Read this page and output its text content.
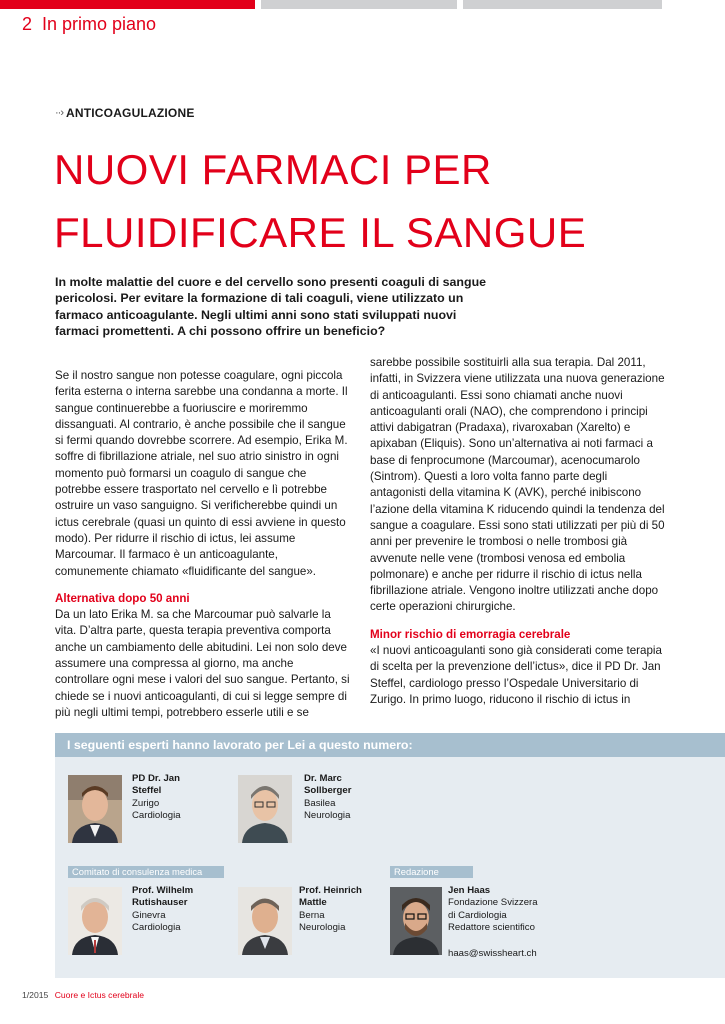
2 In primo piano
··› ANTICOAGULAZIONE
NUOVI FARMACI PER
FLUIDIFICARE IL SANGUE

In molte malattie del cuore e del cervello sono presenti coaguli di sangue pericolosi. Per evitare la formazione di tali coaguli, viene utilizzato un farmaco anticoagulante. Negli ultimi anni sono stati sviluppati nuovi farmaci promettenti. A chi possono offrire un beneficio?

Se il nostro sangue non potesse coagulare, ogni piccola ferita esterna o interna sarebbe una condanna a morte. Il sangue continuerebbe a fuoriuscire e moriremmo dissanguati. Al contrario, è anche possibile che il sangue si fermi quando dovrebbe scorrere. Ad esempio, Erika M. soffre di fibrillazione atriale, nel suo atrio sinistro in ogni momento può formarsi un coagulo di sangue che potrebbe essere trasportato nel cervello e lì potrebbe ostruire un vaso sanguigno. Si verificherebbe quindi un ictus cerebrale (quasi un quinto di essi avviene in questo modo). Per ridurre il rischio di ictus, lei assume Marcoumar. Il farmaco è un anticoagulante, comunemente chiamato «fluidificante del sangue».

Alternativa dopo 50 anni

Da un lato Erika M. sa che Marcoumar può salvarle la vita. D’altra parte, questa terapia preventiva comporta anche un cambiamento delle abitudini. Lei non solo deve assumere una compressa al giorno, ma anche controllare ogni mese i valori del suo sangue. Pertanto, si chiede se i nuovi anticoagulanti, di cui si legge sempre di più negli ultimi tempi, potrebbero esserle utili e se

sarebbe possibile sostituirli alla sua terapia. Dal 2011, infatti, in Svizzera viene utilizzata una nuova generazione di anticoagulanti. Essi sono chiamati anche nuovi anticoagulanti orali (NAO), che comprendono i principi attivi dabigatran (Pradaxa), rivaroxaban (Xarelto) e apixaban (Eliquis). Sono un’alternativa ai noti farmaci a base di fenprocumone (Marcoumar), acenocumarolo (Sintrom). Questi a loro volta fanno parte degli antagonisti della vitamina K (AVK), perché inibiscono l’azione della vitamina K riducendo quindi la tendenza del sangue a coagulare. Essi sono stati utilizzati per più di 50 anni per prevenire le trombosi o nelle trombosi già avvenute nelle vene (trombosi venosa ed embolia polmonare) e anche per ridurre il rischio di ictus nella fibrillazione atriale. Vengono inoltre utilizzati anche dopo certe operazioni chirurgiche.

Minor rischio di emorragia cerebrale

«I nuovi anticoagulanti sono già considerati come terapia di scelta per la prevenzione dell’ictus», dice il PD Dr. Jan Steffel, cardiologo presso l’Ospedale Universitario di Zurigo. In primo luogo, riducono il rischio di ictus in

I seguenti esperti hanno lavorato per Lei a questo numero:
PD Dr. Jan
Steffel
Zurigo
Cardiologia
Dr. Marc
Sollberger
Basilea
Neurologia
Comitato di consulenza medica	Redazione
Prof. Wilhelm
Rutishauser
Ginevra
Cardiologia
Prof. Heinrich
Mattle
Berna
Neurologia
Jen Haas
Fondazione Svizzera
di Cardiologia
Redattore scientifico
haas@swissheart.ch
1/2015 Cuore e Ictus cerebrale
